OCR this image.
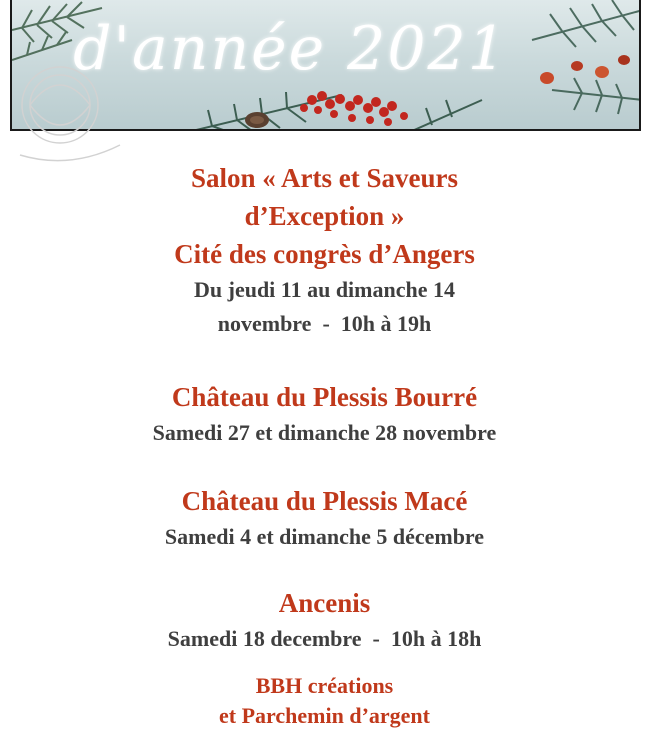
d'année 2021
Salon « Arts et Saveurs
d’Exception »
Cité des congrès d’Angers
Du jeudi 11 au dimanche 14
novembre  -  10h à 19h
Château du Plessis Bourré
Samedi 27 et dimanche 28 novembre
Château du Plessis Macé
Samedi 4 et dimanche 5 décembre
Ancenis
Samedi 18 decembre  -  10h à 18h
BBH créations
et Parchemin d’argent
